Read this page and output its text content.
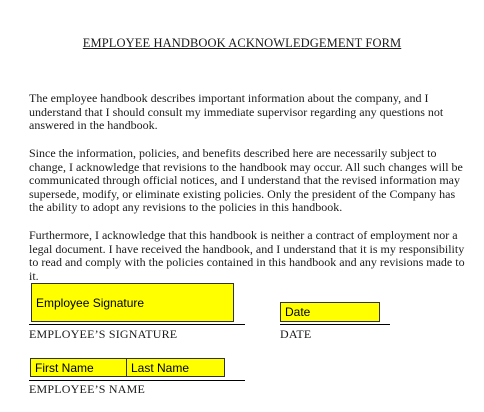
EMPLOYEE HANDBOOK ACKNOWLEDGEMENT FORM

The employee handbook describes important information about the company, and I understand that I should consult my immediate supervisor regarding any questions not answered in the handbook.

Since the information, policies, and benefits described here are necessarily subject to change, I acknowledge that revisions to the handbook may occur. All such changes will be communicated through official notices, and I understand that the revised information may supersede, modify, or eliminate existing policies. Only the president of the Company has the ability to adopt any revisions to the policies in this handbook.

Furthermore, I acknowledge that this handbook is neither a contract of employment nor a legal document. I have received the handbook, and I understand that it is my responsibility to read and comply with the policies contained in this handbook and any revisions made to it.

Employee Signature
Date
EMPLOYEE’S SIGNATURE	DATE
First Name	Last Name
EMPLOYEE’S NAME
